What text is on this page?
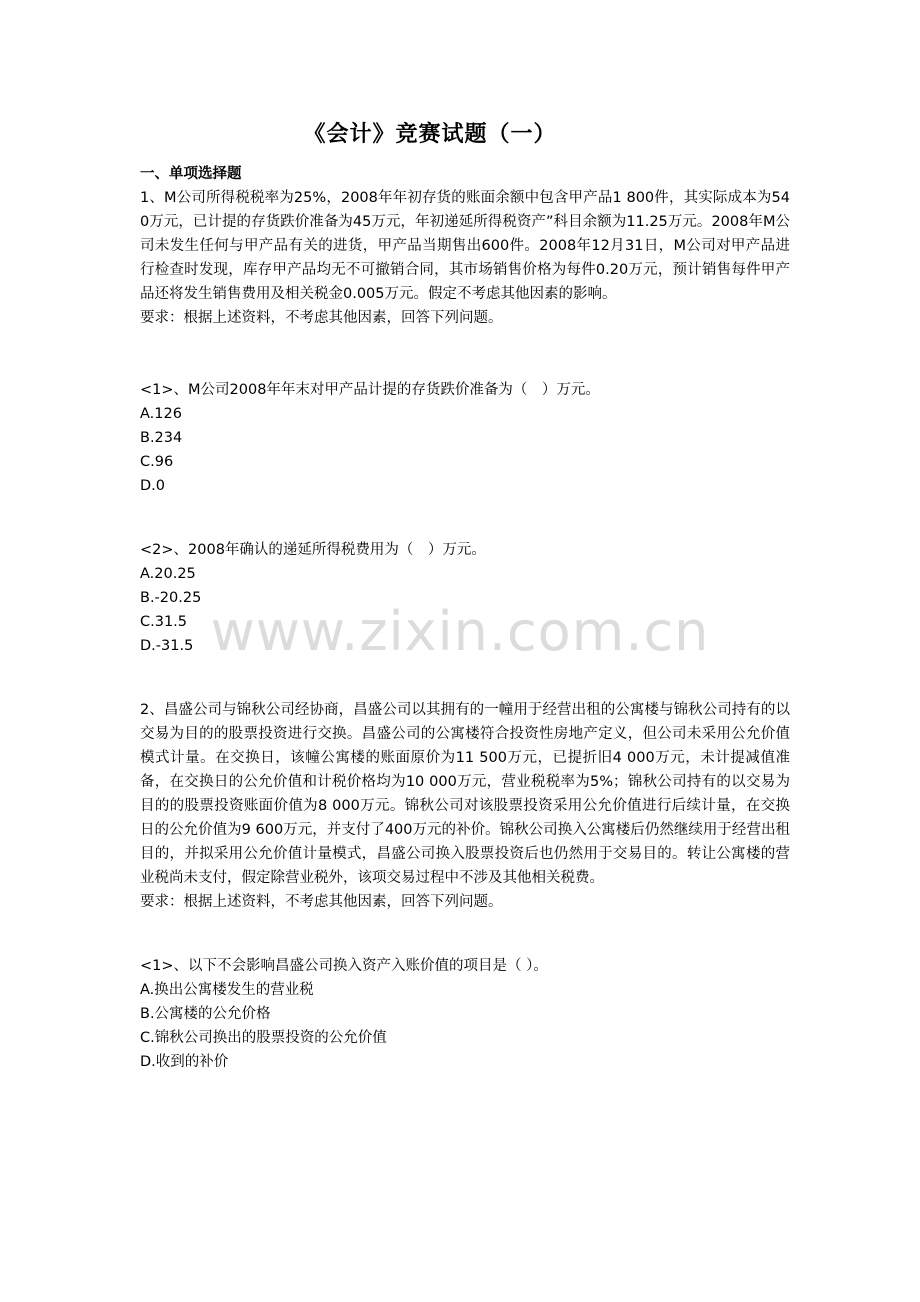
《会计》竞赛试题（一）
www.zixin.com.cn

一、单项选择题

1、M公司所得税税率为25%，2008年年初存货的账面余额中包含甲产品1 800件，其实际成本为540万元，已计提的存货跌价准备为45万元，年初递延所得税资产”科目余额为11.25万元。2008年M公司未发生任何与甲产品有关的进货，甲产品当期售出600件。2008年12月31日，M公司对甲产品进行检查时发现，库存甲产品均无不可撤销合同，其市场销售价格为每件0.20万元，预计销售每件甲产品还将发生销售费用及相关税金0.005万元。假定不考虑其他因素的影响。

要求：根据上述资料，不考虑其他因素，回答下列问题。

<1>、M公司2008年年末对甲产品计提的存货跌价准备为（　）万元。

A.126

B.234

C.96

D.0

<2>、2008年确认的递延所得税费用为（　）万元。

A.20.25

B.-20.25

C.31.5

D.-31.5

2、昌盛公司与锦秋公司经协商，昌盛公司以其拥有的一幢用于经营出租的公寓楼与锦秋公司持有的以交易为目的的股票投资进行交换。昌盛公司的公寓楼符合投资性房地产定义，但公司未采用公允价值模式计量。在交换日，该幢公寓楼的账面原价为11 500万元，已提折旧4 000万元，未计提减值准备，在交换日的公允价值和计税价格均为10 000万元，营业税税率为5%；锦秋公司持有的以交易为目的的股票投资账面价值为8 000万元。锦秋公司对该股票投资采用公允价值进行后续计量，在交换日的公允价值为9 600万元，并支付了400万元的补价。锦秋公司换入公寓楼后仍然继续用于经营出租目的，并拟采用公允价值计量模式，昌盛公司换入股票投资后也仍然用于交易目的。转让公寓楼的营业税尚未支付，假定除营业税外，该项交易过程中不涉及其他相关税费。

要求：根据上述资料，不考虑其他因素，回答下列问题。

<1>、以下不会影响昌盛公司换入资产入账价值的项目是（ ）。

A.换出公寓楼发生的营业税

B.公寓楼的公允价格

C.锦秋公司换出的股票投资的公允价值

D.收到的补价
